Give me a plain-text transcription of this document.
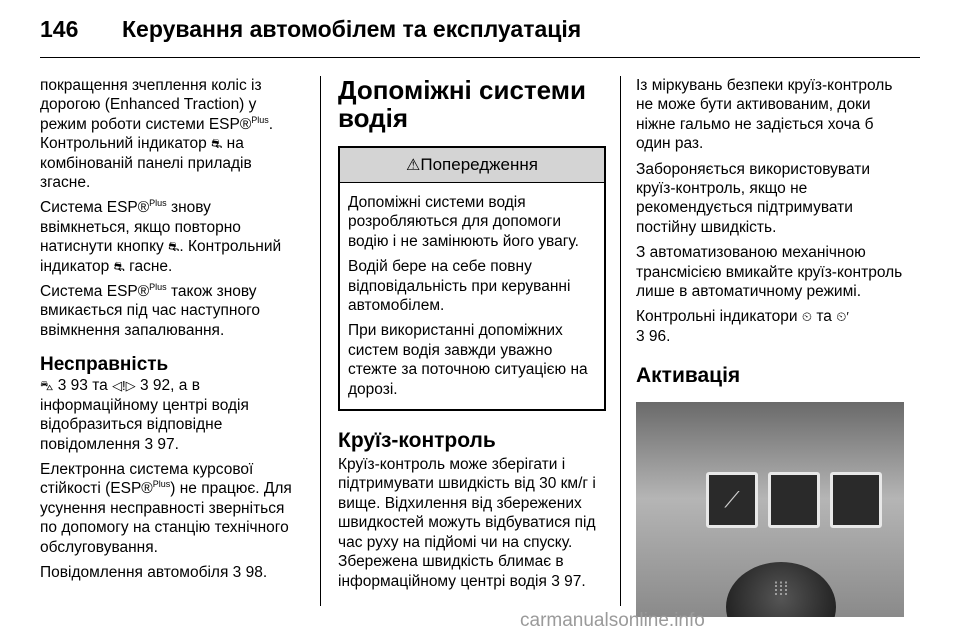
146 Керування автомобілем та експлуатація

покращення зчеплення коліс із дорогою (Enhanced Traction) у режим роботи системи ESP®$^{Plus}$. Контрольний індикатор ⛐ на комбінованій панелі приладів згасне.

Система ESP®$^{Plus}$ знову ввімкнеться, якщо повторно натиснути кнопку ⛐. Контрольний індикатор ⛐ гасне.

Система ESP®$^{Plus}$ також знову вмикається під час наступного ввімкнення запалювання.

Несправність

⛍ 3 93 та ◁!▷ 3 92, а в інформаційному центрі водія відобразиться відповідне повідомлення 3 97.

Електронна система курсової стійкості (ESP®$^{Plus}$) не працює. Для усунення несправності зверніться по допомогу на станцію технічного обслуговування.

Повідомлення автомобіля 3 98.

Допоміжні системи водія
⚠Попередження

Допоміжні системи водія розробляються для допомоги водію і не замінюють його увагу.

Водій бере на себе повну відповідальність при керуванні автомобілем.

При використанні допоміжних систем водія завжди уважно стежте за поточною ситуацією на дорозі.

Круїз-контроль

Круїз-контроль може зберігати і підтримувати швидкість від 30 км/г і вище. Відхилення від збережених швидкостей можуть відбуватися під час руху на підйомі чи на спуску. Збережена швидкість блимає в інформаційному центрі водія 3 97.

Із міркувань безпеки круїз-контроль не може бути активованим, доки ніжне гальмо не задіється хоча б один раз.

Забороняється використовувати круїз-контроль, якщо не рекомендується підтримувати постійну швидкість.

З автоматизованою механічною трансмісією вмикайте круїз-контроль лише в автоматичному режимі.

Контрольні індикатори ⏲ та ⏲′
3 96.

Активація
⟋
⁞⁞⁞
carmanualsonline.info
